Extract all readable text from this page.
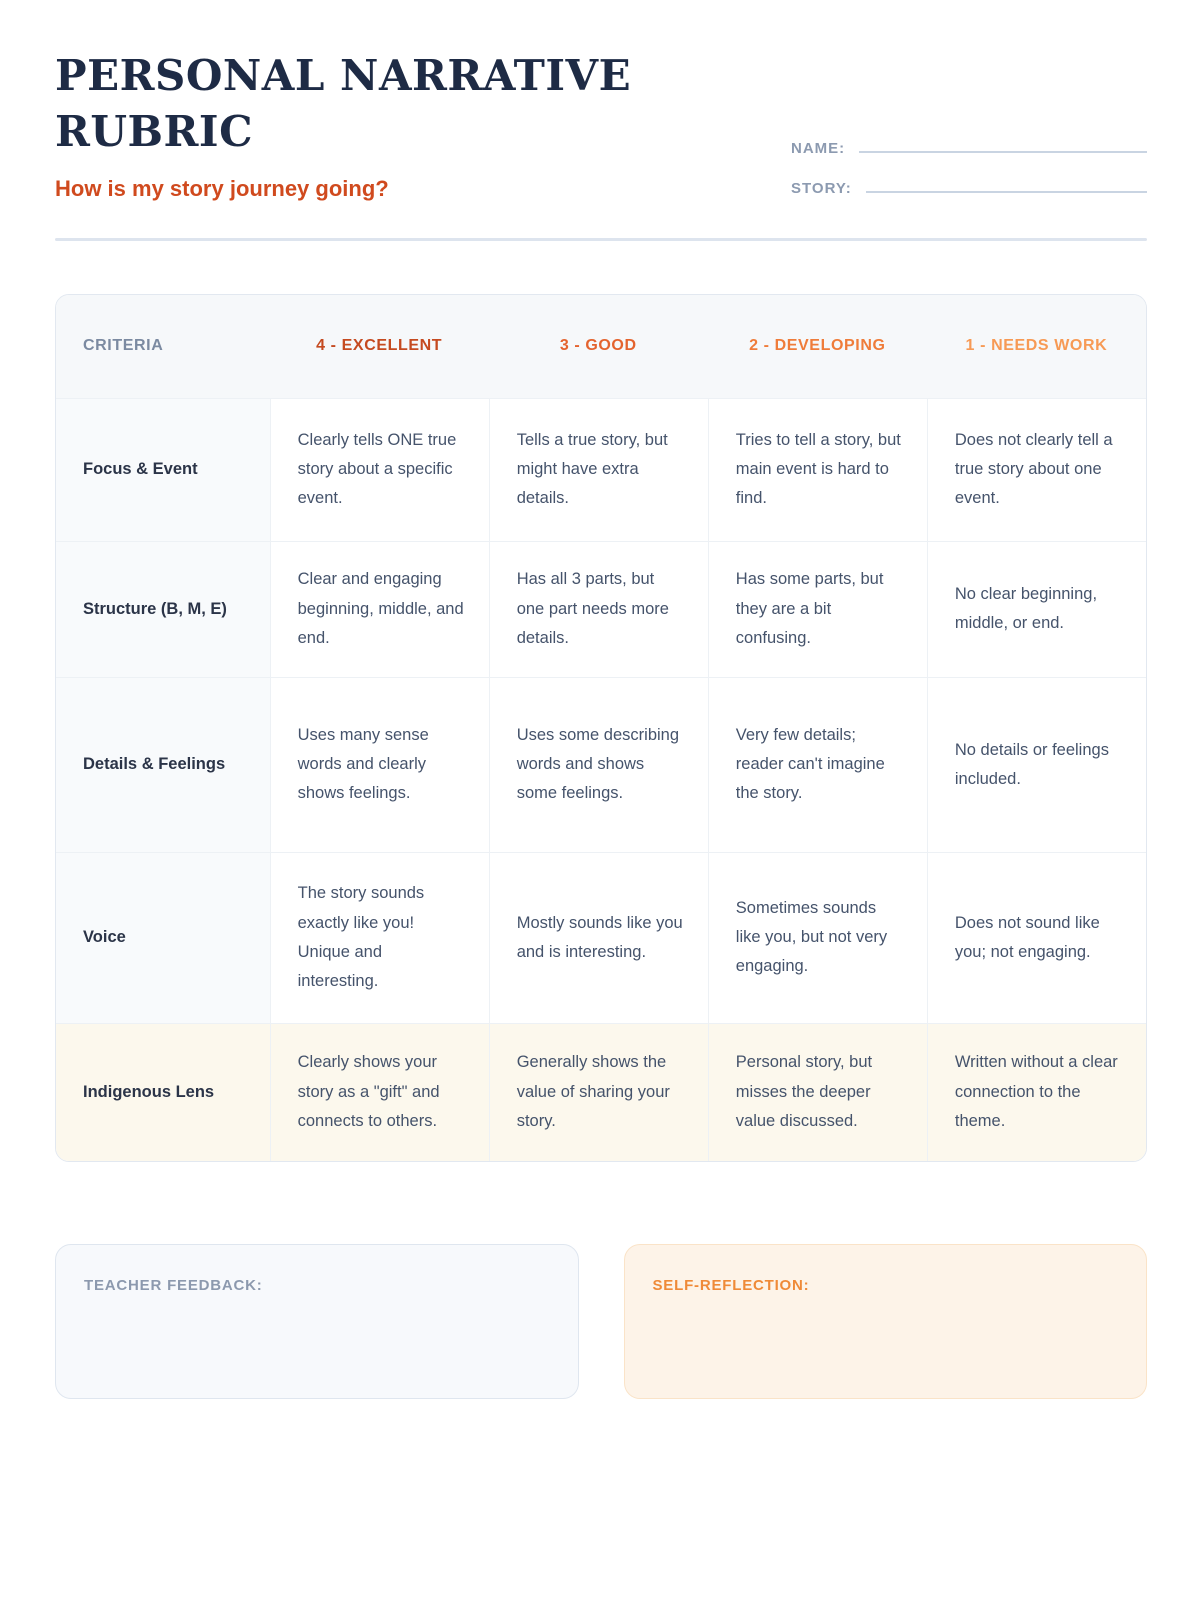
PERSONAL NARRATIVE
RUBRIC

How is my story journey going?

NAME:
STORY:
CRITERIA	4 - EXCELLENT	3 - GOOD	2 - DEVELOPING	1 - NEEDS WORK
Focus & Event	Clearly tells ONE true story about a specific event.	Tells a true story, but might have extra details.	Tries to tell a story, but main event is hard to find.	Does not clearly tell a true story about one event.
Structure (B, M, E)	Clear and engaging beginning, middle, and end.	Has all 3 parts, but one part needs more details.	Has some parts, but they are a bit confusing.	No clear beginning, middle, or end.
Details & Feelings	Uses many sense words and clearly shows feelings.	Uses some describing words and shows some feelings.	Very few details; reader can't imagine the story.	No details or feelings included.
Voice	The story sounds exactly like you! Unique and interesting.	Mostly sounds like you and is interesting.	Sometimes sounds like you, but not very engaging.	Does not sound like you; not engaging.
Indigenous Lens	Clearly shows your story as a "gift" and connects to others.	Generally shows the value of sharing your story.	Personal story, but misses the deeper value discussed.	Written without a clear connection to the theme.
TEACHER FEEDBACK:	SELF-REFLECTION:
